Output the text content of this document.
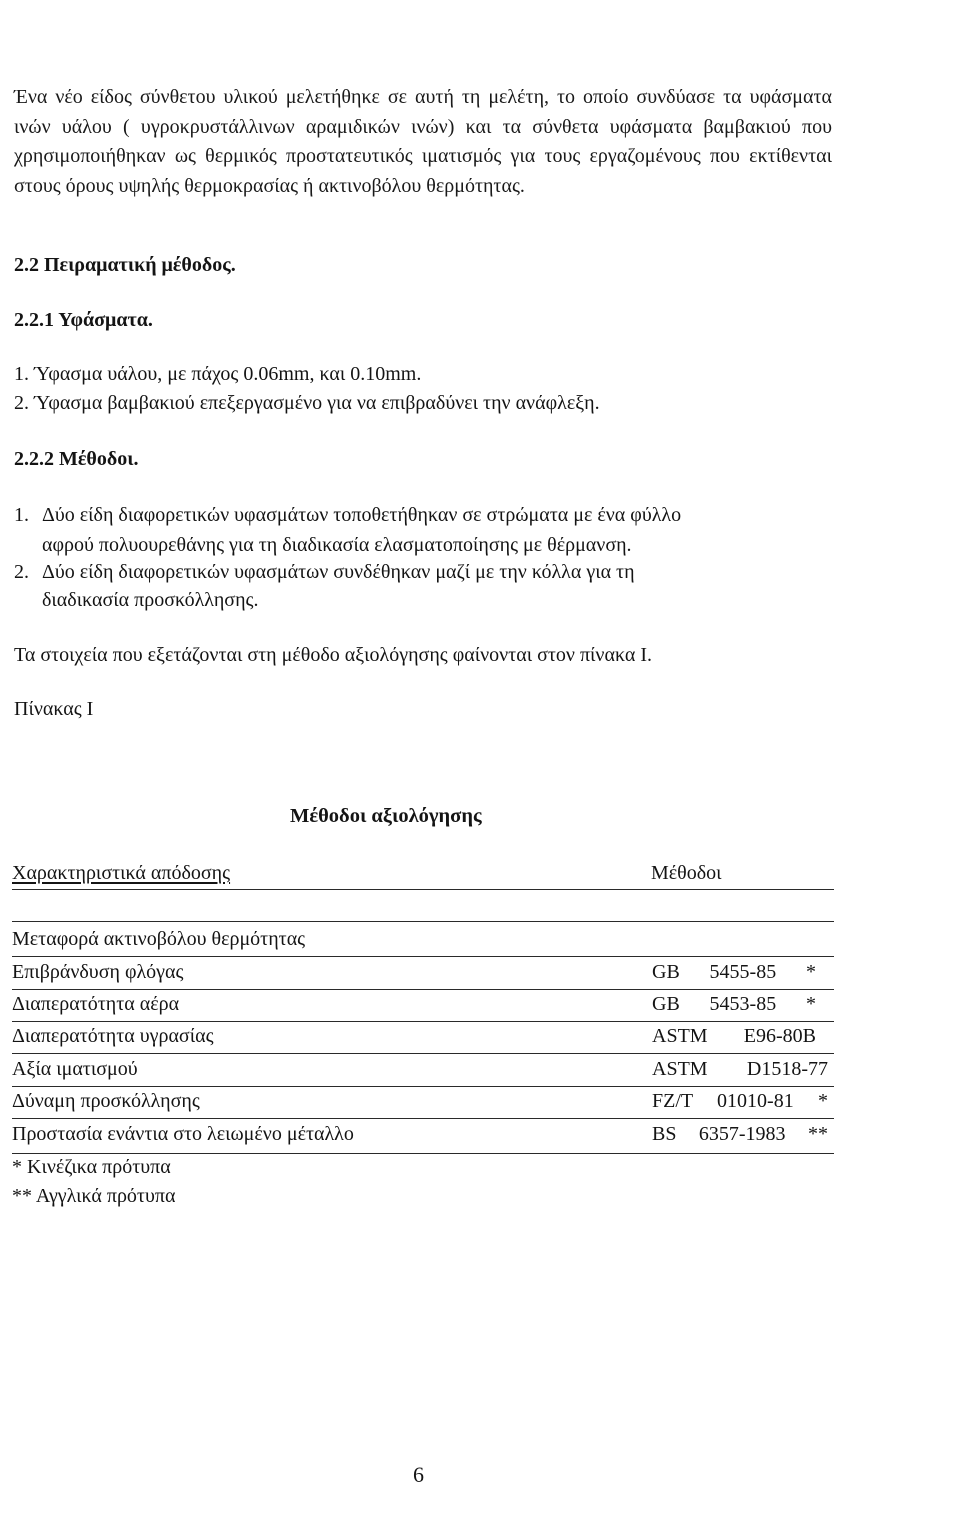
Ένα νέο είδος σύνθετου υλικού μελετήθηκε σε αυτή τη μελέτη, το οποίο συνδύασε τα υφάσματα ινών υάλου ( υγροκρυστάλλινων αραμιδικών ινών) και τα σύνθετα υφάσματα βαμβακιού που χρησιμοποιήθηκαν ως θερμικός προστατευτικός ιματισμός για τους εργαζομένους που εκτίθενται στους όρους υψηλής θερμοκρασίας ή ακτινοβόλου θερμότητας.
2.2 Πειραματική μέθοδος.
2.2.1 Υφάσματα.
1. Ύφασμα υάλου, με πάχος 0.06mm, και 0.10mm.
2. Ύφασμα βαμβακιού επεξεργασμένο για να επιβραδύνει την ανάφλεξη.
2.2.2 Μέθοδοι.
1. Δύο είδη διαφορετικών υφασμάτων τοποθετήθηκαν σε στρώματα με ένα φύλλο
αφρού πολυουρεθάνης για τη διαδικασία ελασματοποίησης με θέρμανση.
2. Δύο είδη διαφορετικών υφασμάτων συνδέθηκαν μαζί με την κόλλα για τη
διαδικασία προσκόλλησης.
Τα στοιχεία που εξετάζονται στη μέθοδο αξιολόγησης φαίνονται στον πίνακα I.
Πίνακας I
Μέθοδοι αξιολόγησης
Χαρακτηριστικά απόδοσης	Μέθοδοι
Μεταφορά ακτινοβόλου θερμότητας
Επιβράνδυση φλόγας	GB 5455-85 *
Διαπερατότητα αέρα	GB 5453-85 *
Διαπερατότητα υγρασίας	ASTM E96-80B
Αξία ιματισμού	ASTM D1518-77
Δύναμη προσκόλλησης	FZ/T 01010-81 *
Προστασία ενάντια στο λειωμένο μέταλλο	BS 6357-1983 **
* Κινέζικα πρότυπα
** Αγγλικά πρότυπα
6
